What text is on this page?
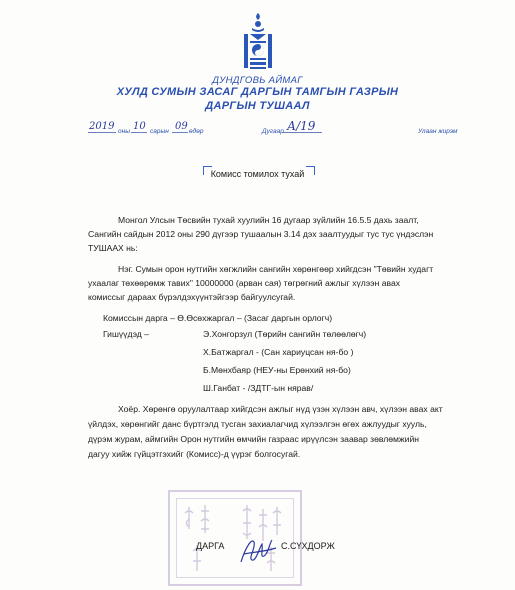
ДУНДГОВЬ АЙМАГ
ХУЛД СУМЫН ЗАСАГ ДАРГЫН ТАМГЫН ГАЗРЫН
ДАРГЫН ТУШААЛ
2019 оны 10 сарын 09 өдөр	Дугаар А/19	Улаан жирэм
Комисс томилох тухай
Монгол Улсын Төсвийн тухай хуулийн 16 дугаар зүйлийн 16.5.5 дахь заалт,
Сангийн сайдын 2012 оны 290 дүгээр тушаалын 3.14 дэх заалтуудыг тус тус үндэслэн
ТУШААХ нь:
Нэг. Сумын орон нутгийн хөгжлийн сангийн хөрөнгөөр хийгдсэн "Төвийн худагт
ухаалаг төхөөрөмж тавих" 10000000 (арван сая) төгрөгний ажлыг хүлээн авах
комиссыг дараах бүрэлдэхүүнтэйгээр байгуулсугай.
Комиссын дарга – Ө.Өсөхжаргал – (Засаг даргын орлогч)
Гишүүдэд –	Э.Хонгорзул (Төрийн сангийн төлөөлөгч)
Х.Батжаргал - (Сан хариуцсан ня-бо )
Б.Мөнхбаяр (НЕУ-ны Ерөнхий ня-бо)
Ш.Ганбат - /ЗДТГ-ын нярав/
Хоёр. Хөрөнгө оруулалтаар хийгдсэн ажлыг нүд үзэн хүлээн авч, хүлээн авах акт
үйлдэх, хөрөнгийг данс бүртгэлд тусган захиалагчид хүлээлгэн өгөх ажлуудыг хууль,
дүрэм журам, аймгийн Орон нутгийн өмчийн газраас ирүүлсэн заавар зөвлөмжийн
дагуу хийж гүйцэтгэхийг (Комисс)-д үүрэг болгосугай.
ДАРГА	С.СҮХДОРЖ
